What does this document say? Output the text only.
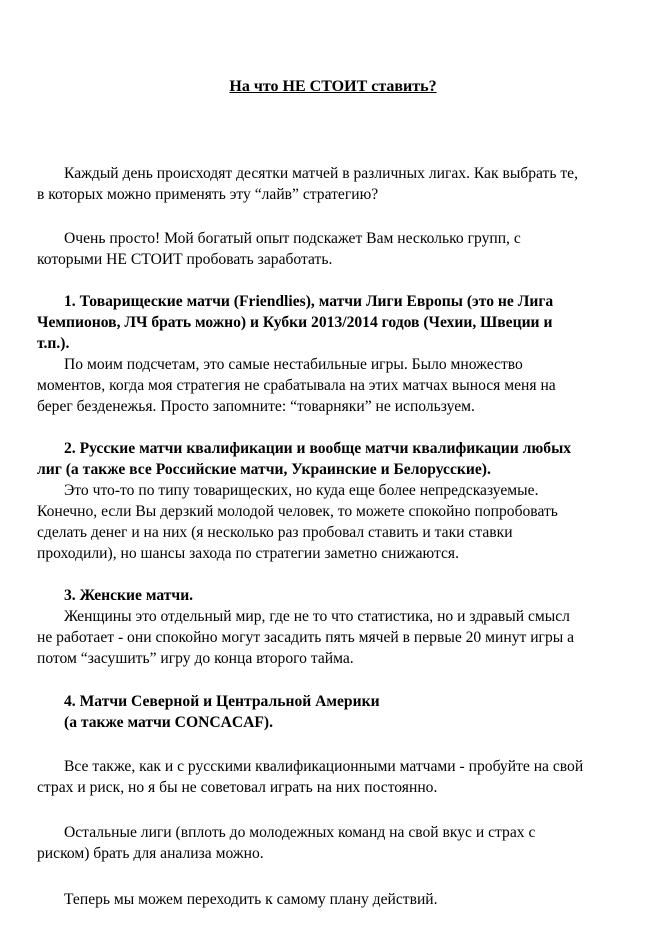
На что НЕ СТОИТ ставить?
Каждый день происходят десятки матчей в различных лигах. Как выбрать те,
в которых можно применять эту “лайв” стратегию?
Очень просто! Мой богатый опыт подскажет Вам несколько групп, с
которыми НЕ СТОИТ пробовать заработать.
1. Товарищеские матчи (Friendlies), матчи Лиги Европы (это не Лига
Чемпионов, ЛЧ брать можно) и Кубки 2013/2014 годов (Чехии, Швеции и
т.п.).
По моим подсчетам, это самые нестабильные игры. Было множество
моментов, когда моя стратегия не срабатывала на этих матчах вынося меня на
берег безденежья. Просто запомните: “товарняки” не используем.
2. Русские матчи квалификации и вообще матчи квалификации любых
лиг (а также все Российские матчи, Украинские и Белорусские).
Это что-то по типу товарищеских, но куда еще более непредсказуемые.
Конечно, если Вы дерзкий молодой человек, то можете спокойно попробовать
сделать денег и на них (я несколько раз пробовал ставить и таки ставки
проходили), но шансы захода по стратегии заметно снижаются.
3. Женские матчи.
Женщины это отдельный мир, где не то что статистика, но и здравый смысл
не работает - они спокойно могут засадить пять мячей в первые 20 минут игры а
потом “засушить” игру до конца второго тайма.
4. Матчи Северной и Центральной Америки
(а также матчи CONCACAF).
Все также, как и с русскими квалификационными матчами - пробуйте на свой
страх и риск, но я бы не советовал играть на них постоянно.
Остальные лиги (вплоть до молодежных команд на свой вкус и страх с
риском) брать для анализа можно.
Теперь мы можем переходить к самому плану действий.
